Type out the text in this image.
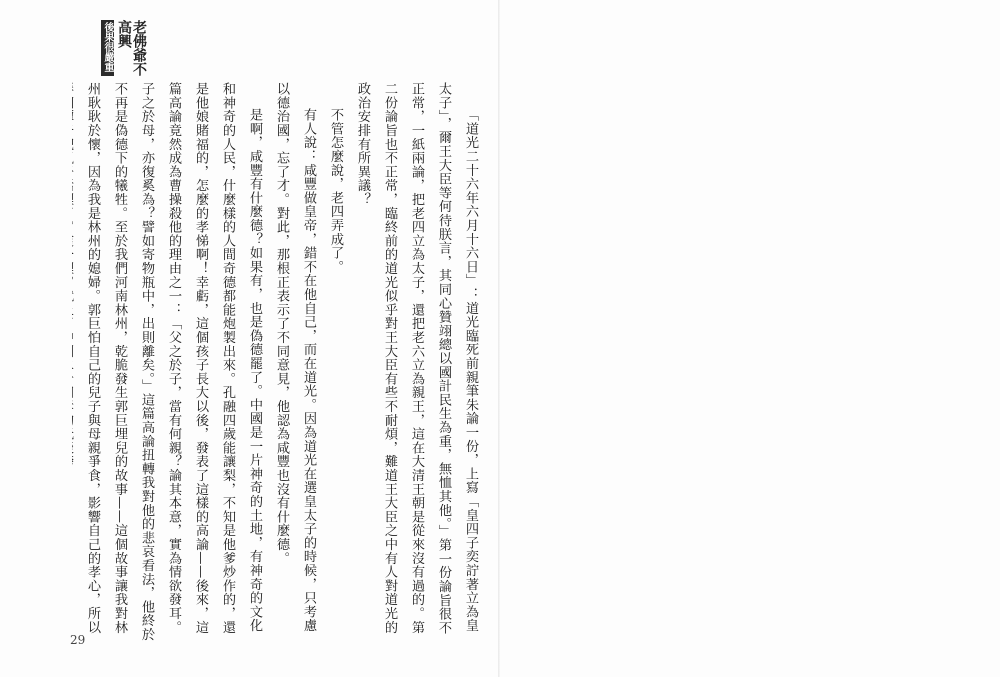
老佛爺不高興
後果很嚴重

「道光二十六年六月十六日」：道光臨死前親筆朱論一份，上寫「皇四子奕詝著立為皇太子」，爾王大臣等何待朕言，其同心贊翊總以國計民生為重，無恤其他。」第一份論旨很不正常，一紙兩論，把老四立為太子，還把老六立為親王，這在大清王朝是從來沒有過的。第二份論旨也不正常，臨終前的道光似乎對王大臣有些不耐煩，難道王大臣之中有人對道光的政治安排有所異議？

不管怎麼說，老四弄成了。

有人說：咸豐做皇帝，錯不在他自己，而在道光。因為道光在選皇太子的時候，只考慮以德治國，忘了才。對此，那根正表示了不同意見，他認為咸豐也沒有什麼德。

是啊，咸豐有什麼德？如果有，也是偽德罷了。中國是一片神奇的土地，有神奇的文化和神奇的人民，什麼樣的人間奇德都能炮製出來。孔融四歲能讓梨，不知是他爹炒作的，還是他娘賭福的，怎麼的孝悌啊！幸虧，這個孩子長大以後，發表了這樣的高論——後來，這篇高論竟然成為曹操殺他的理由之一：「父之於子，當有何親？論其本意，實為情欲發耳。子之於母，亦復奚為？譬如寄物瓶中，出則離矣。」這篇高論扭轉我對他的悲哀看法，他終於不再是偽德下的犧牲。至於我們河南林州，乾脆發生郭巨埋兒的故事——這個故事讓我對林州耿耿於懷，因為我是林州的媳婦。郭巨怕自己的兒子與母親爭食，影響自己的孝心，所以

29
